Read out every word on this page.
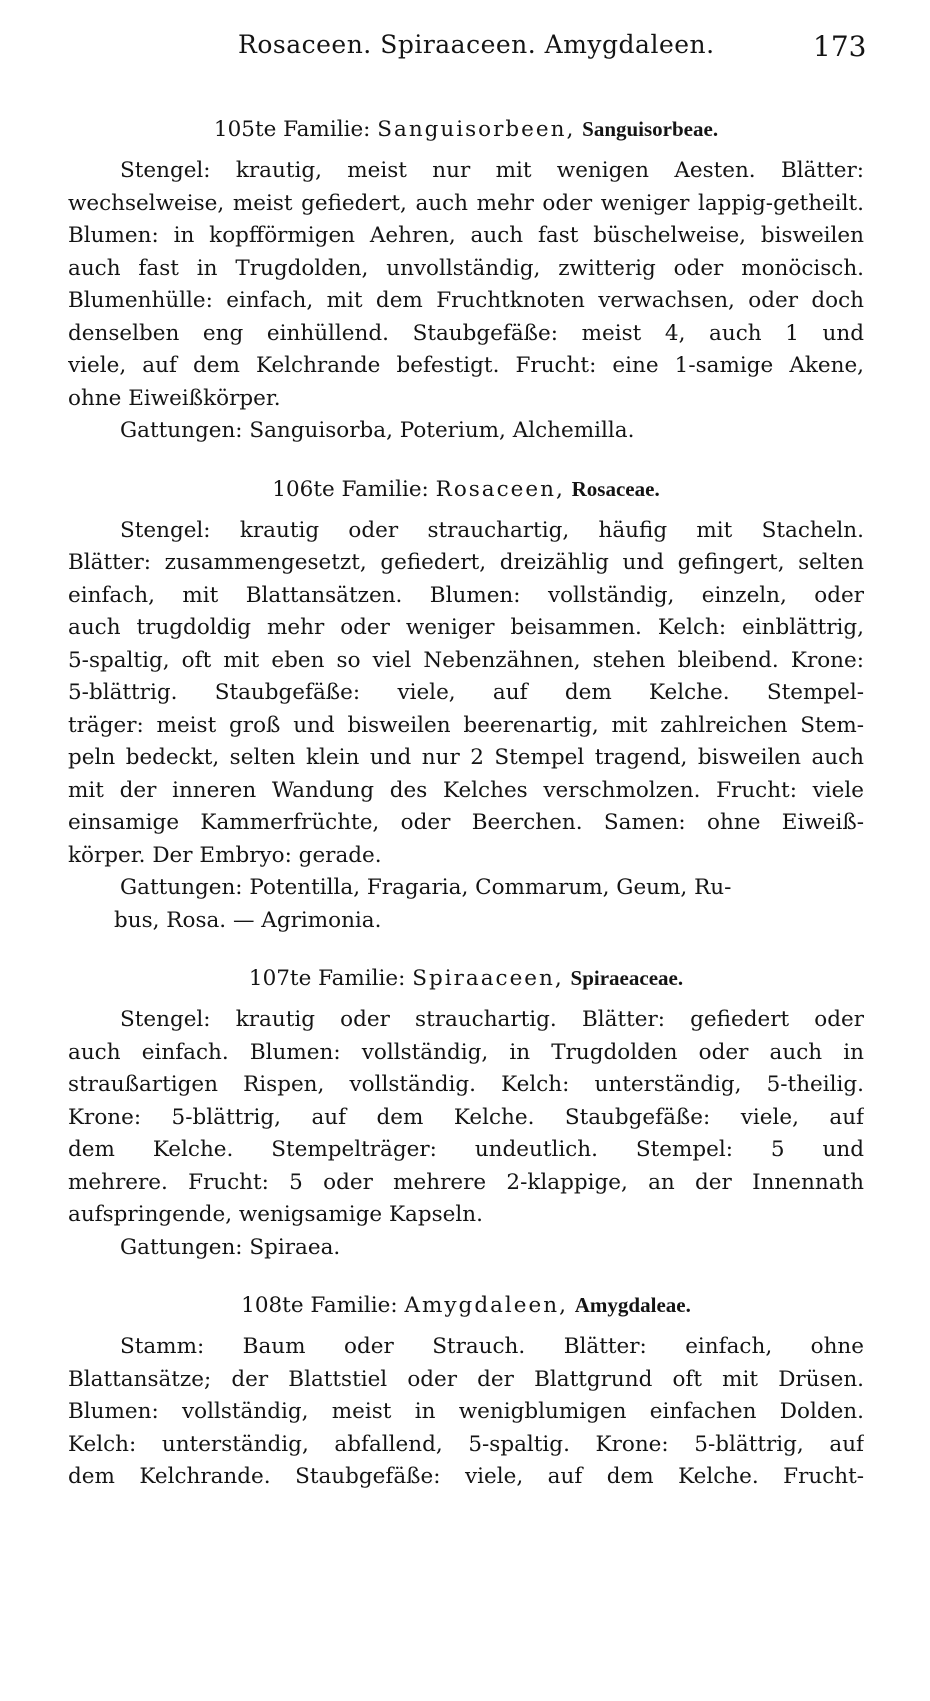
Rosaceen. Spiraaceen. Amygdaleen.	173
105te Familie: Sanguisorbeen, Sanguisorbeae.
Stengel: krautig, meist nur mit wenigen Aesten. Blätter:
wechselweise, meist gefiedert, auch mehr oder weniger lappig-getheilt.
Blumen: in kopfförmigen Aehren, auch fast büschelweise, bisweilen
auch fast in Trugdolden, unvollständig, zwitterig oder monöcisch.
Blumenhülle: einfach, mit dem Fruchtknoten verwachsen, oder doch
denselben eng einhüllend. Staubgefäße: meist 4, auch 1 und
viele, auf dem Kelchrande befestigt. Frucht: eine 1-samige Akene,
ohne Eiweißkörper.
Gattungen: Sanguisorba, Poterium, Alchemilla.
106te Familie: Rosaceen, Rosaceae.
Stengel: krautig oder strauchartig, häufig mit Stacheln.
Blätter: zusammengesetzt, gefiedert, dreizählig und gefingert, selten
einfach, mit Blattansätzen. Blumen: vollständig, einzeln, oder
auch trugdoldig mehr oder weniger beisammen. Kelch: einblättrig,
5-spaltig, oft mit eben so viel Nebenzähnen, stehen bleibend. Krone:
5-blättrig. Staubgefäße: viele, auf dem Kelche. Stempel-
träger: meist groß und bisweilen beerenartig, mit zahlreichen Stem-
peln bedeckt, selten klein und nur 2 Stempel tragend, bisweilen auch
mit der inneren Wandung des Kelches verschmolzen. Frucht: viele
einsamige Kammerfrüchte, oder Beerchen. Samen: ohne Eiweiß-
körper. Der Embryo: gerade.
Gattungen: Potentilla, Fragaria, Commarum, Geum, Ru-
bus, Rosa. — Agrimonia.
107te Familie: Spiraaceen, Spiraeaceae.
Stengel: krautig oder strauchartig. Blätter: gefiedert oder
auch einfach. Blumen: vollständig, in Trugdolden oder auch in
straußartigen Rispen, vollständig. Kelch: unterständig, 5-theilig.
Krone: 5-blättrig, auf dem Kelche. Staubgefäße: viele, auf
dem Kelche. Stempelträger: undeutlich. Stempel: 5 und
mehrere. Frucht: 5 oder mehrere 2-klappige, an der Innennath
aufspringende, wenigsamige Kapseln.
Gattungen: Spiraea.
108te Familie: Amygdaleen, Amygdaleae.
Stamm: Baum oder Strauch. Blätter: einfach, ohne
Blattansätze; der Blattstiel oder der Blattgrund oft mit Drüsen.
Blumen: vollständig, meist in wenigblumigen einfachen Dolden.
Kelch: unterständig, abfallend, 5-spaltig. Krone: 5-blättrig, auf
dem Kelchrande. Staubgefäße: viele, auf dem Kelche. Frucht-
